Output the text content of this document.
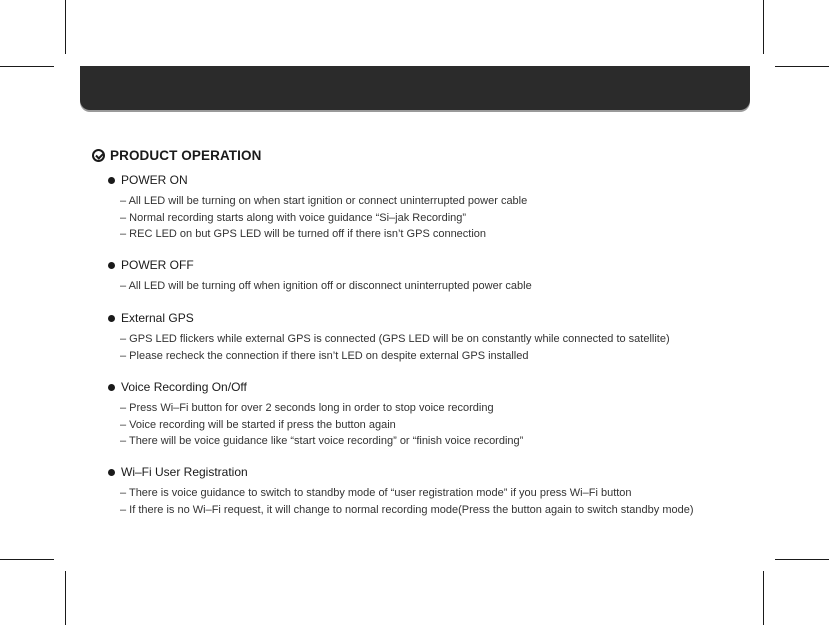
PRODUCT OPERATION
POWER ON
– All LED will be turning on when start ignition or connect uninterrupted power cable
– Normal recording starts along with voice guidance “Si–jak Recording”
– REC LED on but GPS LED will be turned off if there isn’t GPS connection
POWER OFF
– All LED will be turning off when ignition off or disconnect uninterrupted power cable
External GPS
– GPS LED flickers while external GPS is connected (GPS LED will be on constantly while connected to satellite)
– Please recheck the connection if there isn’t LED on despite external GPS installed
Voice Recording On/Off
– Press Wi–Fi button for over 2 seconds long in order to stop voice recording
– Voice recording will be started if press the button again
– There will be voice guidance like “start voice recording” or “finish voice recording”
Wi–Fi User Registration
– There is voice guidance to switch to standby mode of “user registration mode” if you press Wi–Fi button
– If there is no Wi–Fi request, it will change to normal recording mode(Press the button again to switch standby mode)
